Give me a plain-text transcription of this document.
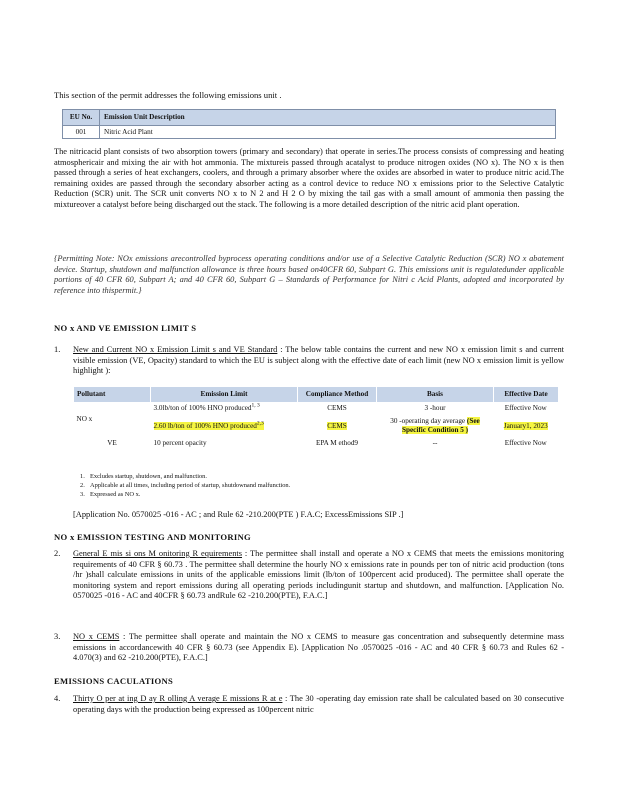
This section of the permit addresses the following emissions unit .
EU No.	Emission Unit Description
001	Nitric Acid Plant
The nitricacid plant consists of two absorption towers (primary and secondary) that operate in series.The process consists of compressing and heating atmosphericair and mixing the air with hot ammonia. The mixtureis passed through acatalyst to produce nitrogen oxides (NO x). The NO x is then passed through a series of heat exchangers, coolers, and through a primary absorber where the oxides are absorbed in water to produce nitric acid.The remaining oxides are passed through the secondary absorber acting as a control device to reduce NO x emissions prior to the Selective Catalytic Reduction (SCR) unit. The SCR unit converts NO x to N 2 and H 2 O by mixing the tail gas with a small amount of ammonia then passing the mixtureover a catalyst before being discharged out the stack. The following is a more detailed description of the nitric acid plant operation.
{Permitting Note: NOx emissions arecontrolled byprocess operating conditions and/or use of a Selective Catalytic Reduction (SCR) NO x abatement device. Startup, shutdown and malfunction allowance is three hours based on40CFR 60, Subpart G. This emissions unit is regulatedunder applicable portions of 40 CFR 60, Subpart A; and 40 CFR 60, Subpart G – Standards of Performance for Nitri c Acid Plants, adopted and incorporated by reference into thispermit.}
NO x AND VE EMISSION LIMIT S
1. New and Current NO x Emission Limit s and VE Standard : The below table contains the current and new NO x emission limit s and current visible emission (VE, Opacity) standard to which the EU is subject along with the effective date of each limit (new NO x emission limit is yellow highlight ):
Pollutant	Emission Limit	Compliance Method	Basis	Effective Date
NO x	3.0lb/ton of 100% HNO produced$^{1, 3}$	CEMS	3 -hour	Effective Now
	2.60 lb/ton of 100% HNO produced$^{2,3}$	CEMS	30 -operating day average (See Specific Condition 5 )	January1, 2023
VE	10 percent opacity	EPA M ethod9	--	Effective Now
1. Excludes startup, shutdown, and malfunction.
2. Applicable at all times, including period of startup, shutdownand malfunction.
3. Expressed as NO x.
[Application No. 0570025 -016 - AC ; and Rule 62 -210.200(PTE ) F.A.C; ExcessEmissions SIP .]
NO x EMISSION TESTING AND MONITORING
2. General E mis si ons M onitoring R equirements : The permittee shall install and operate a NO x CEMS that meets the emissions monitoring requirements of 40 CFR § 60.73 . The permittee shall determine the hourly NO x emissions rate in pounds per ton of nitric acid production (tons /hr )shall calculate emissions in units of the applicable emissions limit (lb/ton of 100percent acid produced). The permittee shall operate the monitoring system and report emissions during all operating periods includingunit startup and shutdown, and malfunction. [Application No. 0570025 -016 - AC and 40CFR § 60.73 andRule 62 -210.200(PTE), F.A.C.]
3. NO x CEMS : The permittee shall operate and maintain the NO x CEMS to measure gas concentration and subsequently determine mass emissions in accordancewith 40 CFR § 60.73 (see Appendix E). [Application No .0570025 -016 - AC and 40 CFR § 60.73 and Rules 62 - 4.070(3) and 62 -210.200(PTE), F.A.C.]
EMISSIONS CACULATIONS
4. Thirty O per at ing D ay R olling A verage E missions R at e : The 30 -operating day emission rate shall be calculated based on 30 consecutive operating days with the production being expressed as 100percent nitric
